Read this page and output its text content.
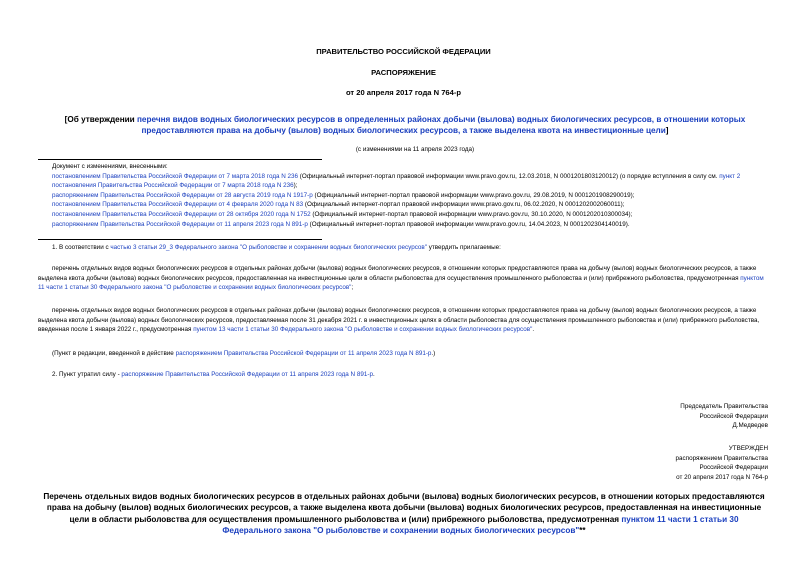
ПРАВИТЕЛЬСТВО РОССИЙСКОЙ ФЕДЕРАЦИИ
РАСПОРЯЖЕНИЕ
от 20 апреля 2017 года N 764-р
[Об утверждении перечня видов водных биологических ресурсов в определенных районах добычи (вылова) водных биологических ресурсов, в отношении которых предоставляются права на добычу (вылов) водных биологических ресурсов, а также выделена квота на инвестиционные цели]
(с изменениями на 11 апреля 2023 года)

Документ с изменениями, внесенными:

постановлением Правительства Российской Федерации от 7 марта 2018 года N 236 (Официальный интернет-портал правовой информации www.pravo.gov.ru, 12.03.2018, N 0001201803120012) (о порядке вступления в силу см. пункт 2 постановления Правительства Российской Федерации от 7 марта 2018 года N 236);

распоряжением Правительства Российской Федерации от 28 августа 2019 года N 1917-р (Официальный интернет-портал правовой информации www.pravo.gov.ru, 29.08.2019, N 0001201908290019);

постановлением Правительства Российской Федерации от 4 февраля 2020 года N 83 (Официальный интернет-портал правовой информации www.pravo.gov.ru, 06.02.2020, N 0001202002060011);

постановлением Правительства Российской Федерации от 28 октября 2020 года N 1752 (Официальный интернет-портал правовой информации www.pravo.gov.ru, 30.10.2020, N 0001202010300034);

распоряжением Правительства Российской Федерации от 11 апреля 2023 года N 891-р (Официальный интернет-портал правовой информации www.pravo.gov.ru, 14.04.2023, N 0001202304140019).

1. В соответствии с частью 3 статьи 29_3 Федерального закона "О рыболовстве и сохранении водных биологических ресурсов" утвердить прилагаемые:
перечень отдельных видов водных биологических ресурсов в отдельных районах добычи (вылова) водных биологических ресурсов, в отношении которых предоставляются права на добычу (вылов) водных биологических ресурсов, а также выделена квота добычи (вылова) водных биологических ресурсов, предоставленная на инвестиционные цели в области рыболовства для осуществления промышленного рыболовства и (или) прибрежного рыболовства, предусмотренная пунктом 11 части 1 статьи 30 Федерального закона "О рыболовстве и сохранении водных биологических ресурсов";
перечень отдельных видов водных биологических ресурсов в отдельных районах добычи (вылова) водных биологических ресурсов, в отношении которых предоставляются права на добычу (вылов) водных биологических ресурсов, а также выделена квота добычи (вылова) водных биологических ресурсов, предоставляемая после 31 декабря 2021 г. в инвестиционных целях в области рыболовства для осуществления промышленного рыболовства и (или) прибрежного рыболовства, введенная после 1 января 2022 г., предусмотренная пунктом 13 части 1 статьи 30 Федерального закона "О рыболовстве и сохранении водных биологических ресурсов".
(Пункт в редакции, введенной в действие распоряжением Правительства Российской Федерации от 11 апреля 2023 года N 891-р.)
2. Пункт утратил силу - распоряжение Правительства Российской Федерации от 11 апреля 2023 года N 891-р.

Председатель Правительства

Российской Федерации

Д.Медведев

УТВЕРЖДЕН

распоряжением Правительства

Российской Федерации

от 20 апреля 2017 года N 764-р

Перечень отдельных видов водных биологических ресурсов в отдельных районах добычи (вылова) водных биологических ресурсов, в отношении которых предоставляются права на добычу (вылов) водных биологических ресурсов, а также выделена квота добычи (вылова) водных биологических ресурсов, предоставленная на инвестиционные цели в области рыболовства для осуществления промышленного рыболовства и (или) прибрежного рыболовства, предусмотренная пунктом 11 части 1 статьи 30 Федерального закона "О рыболовстве и сохранении водных биологических ресурсов"**
